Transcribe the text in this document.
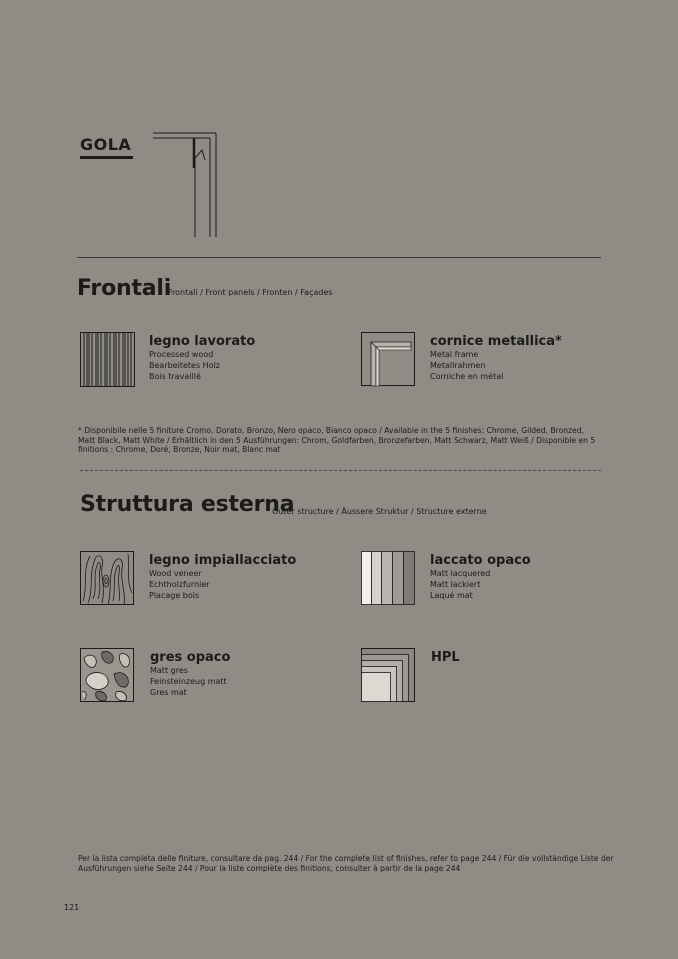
GOLA
Frontali
Frontali / Front panels / Fronten / Façades
legno lavorato
Processed wood
Bearbeitetes Holz
Bois travaillé
cornice metallica*
Metal frame
Metallrahmen
Corniche en métal
* Disponibile nelle 5 finiture Cromo, Dorato, Bronzo, Nero opaco, Bianco opaco / Available in the 5 finishes: Chrome, Gilded, Bronzed, Matt Black, Matt White / Erhältlich in den 5 Ausführungen: Chrom, Goldfarben, Bronzefarben, Matt Schwarz, Matt Weiß / Disponible en 5 finitions : Chrome, Doré, Bronze, Noir mat, Blanc mat
Struttura esterna
Outer structure / Äussere Struktur / Structure externe
legno impiallacciato
Wood veneer
Echtholzfurnier
Placage bois
laccato opaco
Matt lacquered
Matt lackiert
Laqué mat
gres opaco
Matt gres
Feinsteinzeug matt
Gres mat
HPL
Per la lista completa delle finiture, consultare da pag. 244 / For the complete list of finishes, refer to page 244 / Für die vollständige Liste der Ausführungen siehe Seite 244 / Pour la liste complète des finitions, consulter à partir de la page 244
121
